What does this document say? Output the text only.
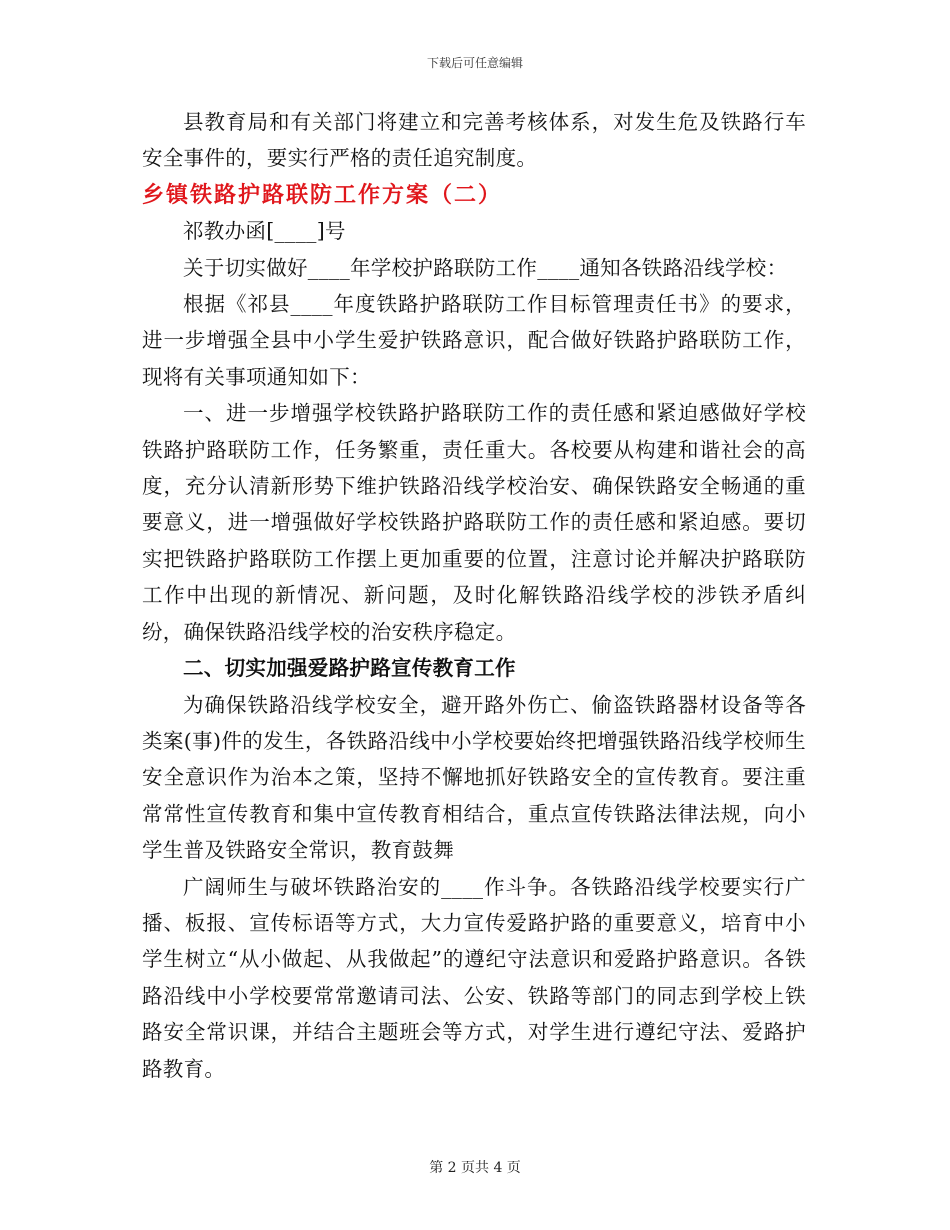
下载后可任意编辑

县教育局和有关部门将建立和完善考核体系，对发生危及铁路行车安全事件的，要实行严格的责任追究制度。

乡镇铁路护路联防工作方案（二）

祁教办函[____]号

关于切实做好____年学校护路联防工作____通知各铁路沿线学校：

根据《祁县____年度铁路护路联防工作目标管理责任书》的要求，进一步增强全县中小学生爱护铁路意识，配合做好铁路护路联防工作，现将有关事项通知如下：

一、进一步增强学校铁路护路联防工作的责任感和紧迫感做好学校铁路护路联防工作，任务繁重，责任重大。各校要从构建和谐社会的高度，充分认清新形势下维护铁路沿线学校治安、确保铁路安全畅通的重要意义，进一增强做好学校铁路护路联防工作的责任感和紧迫感。要切实把铁路护路联防工作摆上更加重要的位置，注意讨论并解决护路联防工作中出现的新情况、新问题，及时化解铁路沿线学校的涉铁矛盾纠纷，确保铁路沿线学校的治安秩序稳定。

二、切实加强爱路护路宣传教育工作

为确保铁路沿线学校安全，避开路外伤亡、偷盗铁路器材设备等各类案(事)件的发生，各铁路沿线中小学校要始终把增强铁路沿线学校师生安全意识作为治本之策，坚持不懈地抓好铁路安全的宣传教育。要注重常常性宣传教育和集中宣传教育相结合，重点宣传铁路法律法规，向小学生普及铁路安全常识，教育鼓舞

广阔师生与破坏铁路治安的____作斗争。各铁路沿线学校要实行广播、板报、宣传标语等方式，大力宣传爱路护路的重要意义，培育中小学生树立“从小做起、从我做起”的遵纪守法意识和爱路护路意识。各铁路沿线中小学校要常常邀请司法、公安、铁路等部门的同志到学校上铁路安全常识课，并结合主题班会等方式，对学生进行遵纪守法、爱路护路教育。

第 2 页共 4 页
